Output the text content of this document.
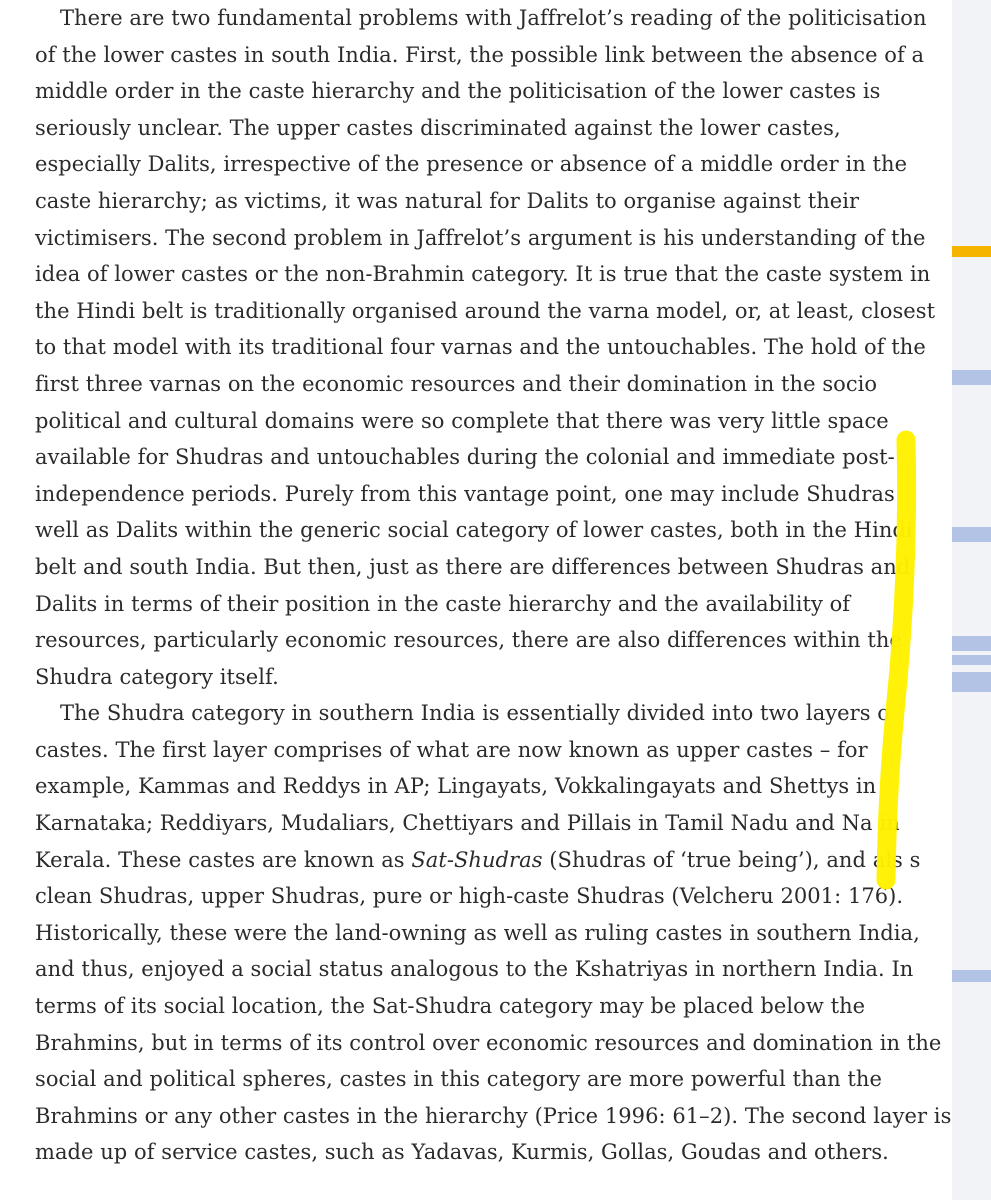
There are two fundamental problems with Jaffrelot’s reading of the politicisation
of the lower castes in south India. First, the possible link between the absence of a
middle order in the caste hierarchy and the politicisation of the lower castes is
seriously unclear. The upper castes discriminated against the lower castes,
especially Dalits, irrespective of the presence or absence of a middle order in the
caste hierarchy; as victims, it was natural for Dalits to organise against their
victimisers. The second problem in Jaffrelot’s argument is his understanding of the
idea of lower castes or the non-Brahmin category. It is true that the caste system in
the Hindi belt is traditionally organised around the varna model, or, at least, closest
to that model with its traditional four varnas and the untouchables. The hold of the
first three varnas on the economic resources and their domination in the socio
political and cultural domains were so complete that there was very little space
available for Shudras and untouchables during the colonial and immediate post-
independence periods. Purely from this vantage point, one may include Shudras
well as Dalits within the generic social category of lower castes, both in the Hindi
belt and south India. But then, just as there are differences between Shudras and
Dalits in terms of their position in the caste hierarchy and the availability of
resources, particularly economic resources, there are also differences within the
Shudra category itself.
The Shudra category in southern India is essentially divided into two layers o
castes. The first layer comprises of what are now known as upper castes – for
example, Kammas and Reddys in AP; Lingayats, Vokkalingayats and Shettys in
Karnataka; Reddiyars, Mudaliars, Chettiyars and Pillais in Tamil Nadu and Na in
Kerala. These castes are known as Sat-Shudras (Shudras of ‘true being’), and als s
clean Shudras, upper Shudras, pure or high-caste Shudras (Velcheru 2001: 176).
Historically, these were the land-owning as well as ruling castes in southern India,
and thus, enjoyed a social status analogous to the Kshatriyas in northern India. In
terms of its social location, the Sat-Shudra category may be placed below the
Brahmins, but in terms of its control over economic resources and domination in the
social and political spheres, castes in this category are more powerful than the
Brahmins or any other castes in the hierarchy (Price 1996: 61–2). The second layer is
made up of service castes, such as Yadavas, Kurmis, Gollas, Goudas and others.
